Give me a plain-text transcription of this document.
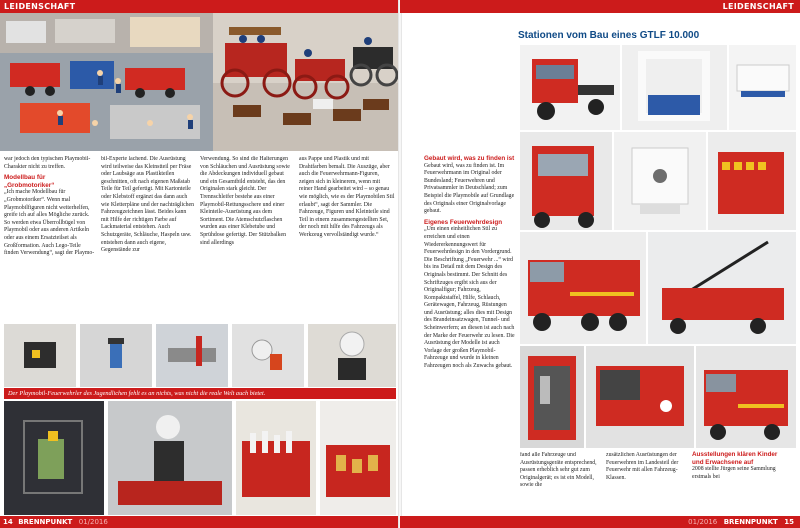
LEIDENSCHAFT

war jedoch den typischen Playmobil-Charakter nicht zu treffen.

Modellbau für „Grobmotoriker“

„Ich mache Modellbau für „Grobmotoriker“. Wenn mal Playmobilfiguren nicht weiterhelfen, greife ich auf alles Mögliche zurück. So werden etwa Überrollbügel von Playmobil oder aus anderen Artikeln oder aus einem Ersatzteilset als Großformation. Auch Lego-Teile finden Verwendung“, sagt der Playmo-

bil-Experte lachend. Die Ausrüstung wird teilweise das Kleinstteil per Fräse oder Laubsäge aus Plastikteilen geschnitten, oft nach eigenen Maßstab Teile für Teil gefertigt. Mit Kartonteile oder Klebstoff ergänzt das dann auch wie Kletterpläne und der nachträglichen Fahrzeugzeichnen lässt. Beides kann mit Hilfe der richtigen Farbe auf Lackmaterial entstehen. Auch Schutzgeräte, Schläuche, Haspeln usw. entstehen dann auch eigene, Gegenstände zur

Verwendung. So sind die Halterungen von Schläuchen und Ausrüstung sowie die Abdeckungen individuell gebaut und ein Gesamtbild entsteht, das den Originalen stark gleicht. Der Trennschleifer bestehe aus einer Playmobil-Rettungsschere und einer Kleinteile-Ausrüstung aus dem Sortiment. Die Atemschutzflaschen wurden aus einer Klebetube und Sprühdose gefertigt. Der Stützbalken sind allerdings

aus Pappe und Plastik und mit Drahtfarben bemalt. Die Auszüge, aber auch die Feuerwehrmann-Figuren, zeigen sich in kleinerem, wenn mit reiner Hand gearbeitet wird – so genau wie möglich, wie es der Playmobilen Stil erlaubt“, sagt der Sammler. Die Fahrzeuge, Figuren und Kleinteile sind Teil in einem zusammengestellten Set, der noch mit hilfe des Fahrzeugs als Werkzeug vervollständigt wurde.“

Der Playmobil-Feuerwehrler des Jugendlichen fehlt es an nichts, was nicht die reale Welt auch bietet.
14 BRENNPUNKT 01/2016
LEIDENSCHAFT
Stationen vom Bau eines GTLF 10.000
Gebaut wird, was zu finden ist

Gebaut wird, was zu finden ist. Im Feuerwehrmann im Original oder Bundesland; Feuerwehren und Privatsammler in Deutschland; zum Beispiel die Playmobile auf Grundlage des Originals einer Originalvorlage gebaut.

Eigenes Feuerwehrdesign

„Um einen einheitlichen Stil zu erreichen und einen Wiedererkennungswert für Feuerwehrdesign in den Vordergrund. Die Beschriftung „Feuerwehr ...“ wird bis ins Detail mit dem Design des Originals bestimmt. Der Schnitt des Schriftzuges ergibt sich aus der Originalfigur; Fahrzeug, Kompaktstaffel, Hilfe, Schlauch, Gerätewagen, Fahrzeug, Rüstungen und Ausrüstung; alles dies mit Design des Brandeinsatzwagen, Tunnel- und Scheinwerfern; an diesen ist auch nach der Marke der Feuerwehr zu lesen. Die Ausrüstung der Modelle ist auch Vorlage der großen Playmobil-Fahrzeuge und wurde in kleinen Fahrzeugen noch als Zuwachs gebaut.

fand alle Fahrzeuge und Ausrüstungsgeräte entsprechend, passen erheblich sehr gut zum Originalgerät; es ist ein Modell, sowie die

zusätzlichen Ausrüstungen der Feuerwehren im Landesteil der Feuerwehr mit allen Fahrzeug-Klassen.

Ausstellungen klären Kinder und Erwachsene auf
2008 stellte Jürgen seine Sammlung erstmals bei
01/2016 BRENNPUNKT 15
